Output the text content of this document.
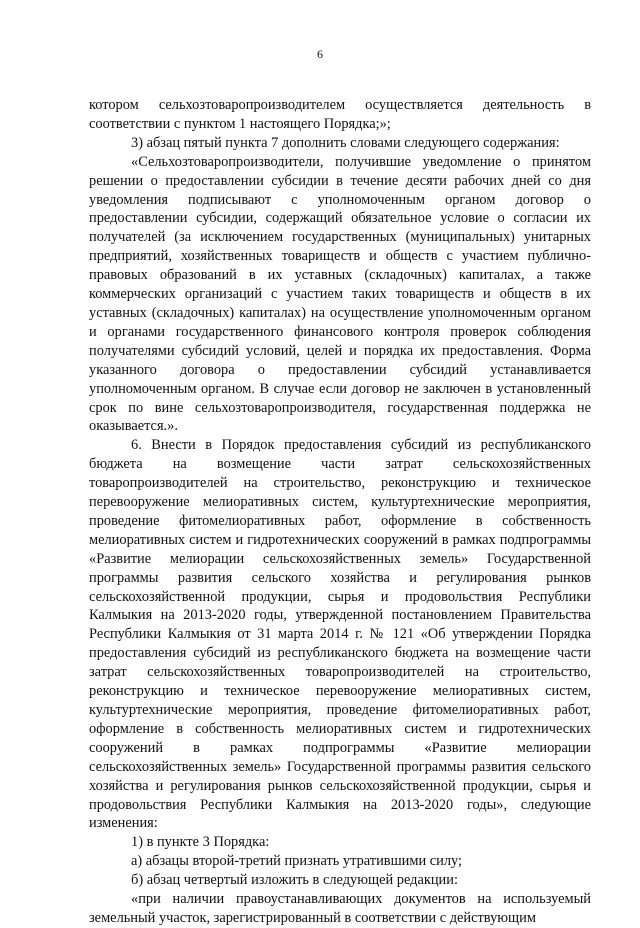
6

котором сельхозтоваропроизводителем осуществляется деятельность в соответствии с пунктом 1 настоящего Порядка;»;

3) абзац пятый пункта 7 дополнить словами следующего содержания:

«Сельхозтоваропроизводители, получившие уведомление о принятом решении о предоставлении субсидии в течение десяти рабочих дней со дня уведомления подписывают с уполномоченным органом договор о предоставлении субсидии, содержащий обязательное условие о согласии их получателей (за исключением государственных (муниципальных) унитарных предприятий, хозяйственных товариществ и обществ с участием публично-правовых образований в их уставных (складочных) капиталах, а также коммерческих организаций с участием таких товариществ и обществ в их уставных (складочных) капиталах) на осуществление уполномоченным органом и органами государственного финансового контроля проверок соблюдения получателями субсидий условий, целей и порядка их предоставления. Форма указанного договора о предоставлении субсидий устанавливается уполномоченным органом. В случае если договор не заключен в установленный срок по вине сельхозтоваропроизводителя, государственная поддержка не оказывается.».

6. Внести в Порядок предоставления субсидий из республиканского бюджета на возмещение части затрат сельскохозяйственных товаропроизводителей на строительство, реконструкцию и техническое перевооружение мелиоративных систем, культуртехнические мероприятия, проведение фитомелиоративных работ, оформление в собственность мелиоративных систем и гидротехнических сооружений в рамках подпрограммы «Развитие мелиорации сельскохозяйственных земель» Государственной программы развития сельского хозяйства и регулирования рынков сельскохозяйственной продукции, сырья и продовольствия Республики Калмыкия на 2013-2020 годы, утвержденной постановлением Правительства Республики Калмыкия от 31 марта 2014 г. № 121 «Об утверждении Порядка предоставления субсидий из республиканского бюджета на возмещение части затрат сельскохозяйственных товаропроизводителей на строительство, реконструкцию и техническое перевооружение мелиоративных систем, культуртехнические мероприятия, проведение фитомелиоративных работ, оформление в собственность мелиоративных систем и гидротехнических сооружений в рамках подпрограммы «Развитие мелиорации сельскохозяйственных земель» Государственной программы развития сельского хозяйства и регулирования рынков сельскохозяйственной продукции, сырья и продовольствия Республики Калмыкия на 2013-2020 годы», следующие изменения:

1) в пункте 3 Порядка:

а) абзацы второй-третий признать утратившими силу;

б) абзац четвертый изложить в следующей редакции:

«при наличии правоустанавливающих документов на используемый земельный участок, зарегистрированный в соответствии с действующим
